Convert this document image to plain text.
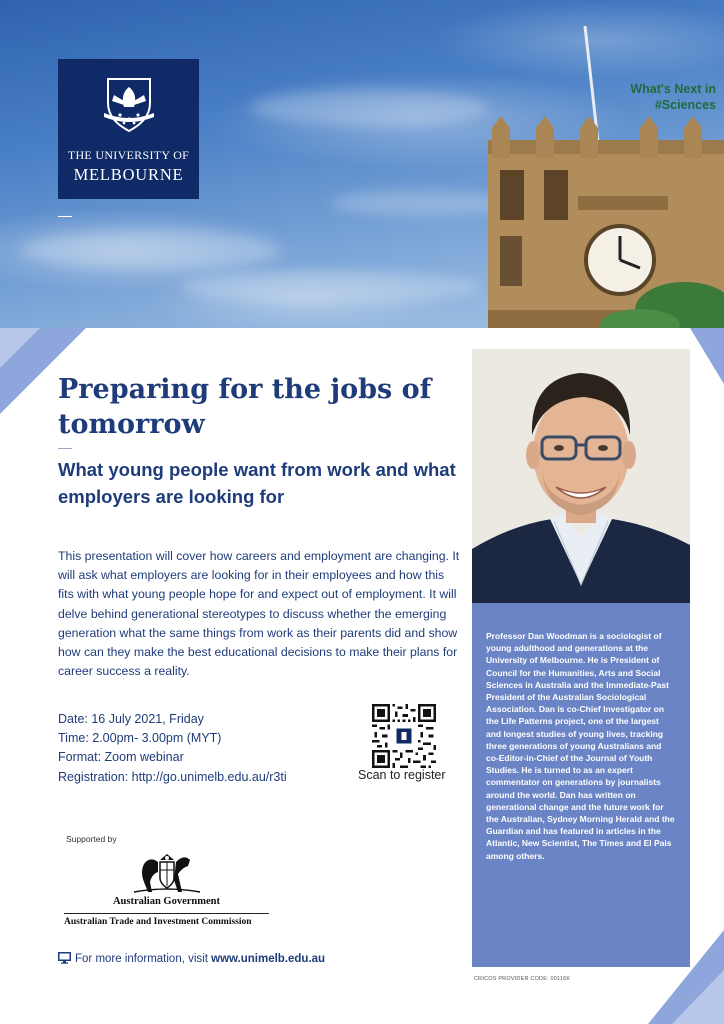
THE UNIVERSITY OF
MELBOURNE
What's Next in
#Sciences
Preparing for the jobs of tomorrow
What young people want from work and what employers are looking for

This presentation will cover how careers and employment are changing. It will ask what employers are looking for in their employees and how this fits with what young people hope for and expect out of employment. It will delve behind generational stereotypes to discuss whether the emerging generation what the same things from work as their parents did and show how can they make the best educational decisions to make their plans for career success a reality.

Date: 16 July 2021, Friday
Time: 2.00pm- 3.00pm (MYT)
Format: Zoom webinar
Registration: http://go.unimelb.edu.au/r3ti	Scan to register

Professor Dan Woodman is a sociologist of young adulthood and generations at the University of Melbourne. He is President of Council for the Humanities, Arts and Social Sciences in Australia and the Immediate-Past President of the Australian Sociological Association. Dan is co-Chief Investigator on the Life Patterns project, one of the largest and longest studies of young lives, tracking three generations of young Australians and co-Editor-in-Chief of the Journal of Youth Studies. He is turned to as an expert commentator on generations by journalists around the world. Dan has written on generational change and the future work for the Australian, Sydney Morning Herald and the Guardian and has featured in articles in the Atlantic, New Scientist, The Times and El Pais among others.

CRICOS PROVIDER CODE: 00116K
Supported by
Australian Government
Australian Trade and Investment Commission
For more information, visit www.unimelb.edu.au
